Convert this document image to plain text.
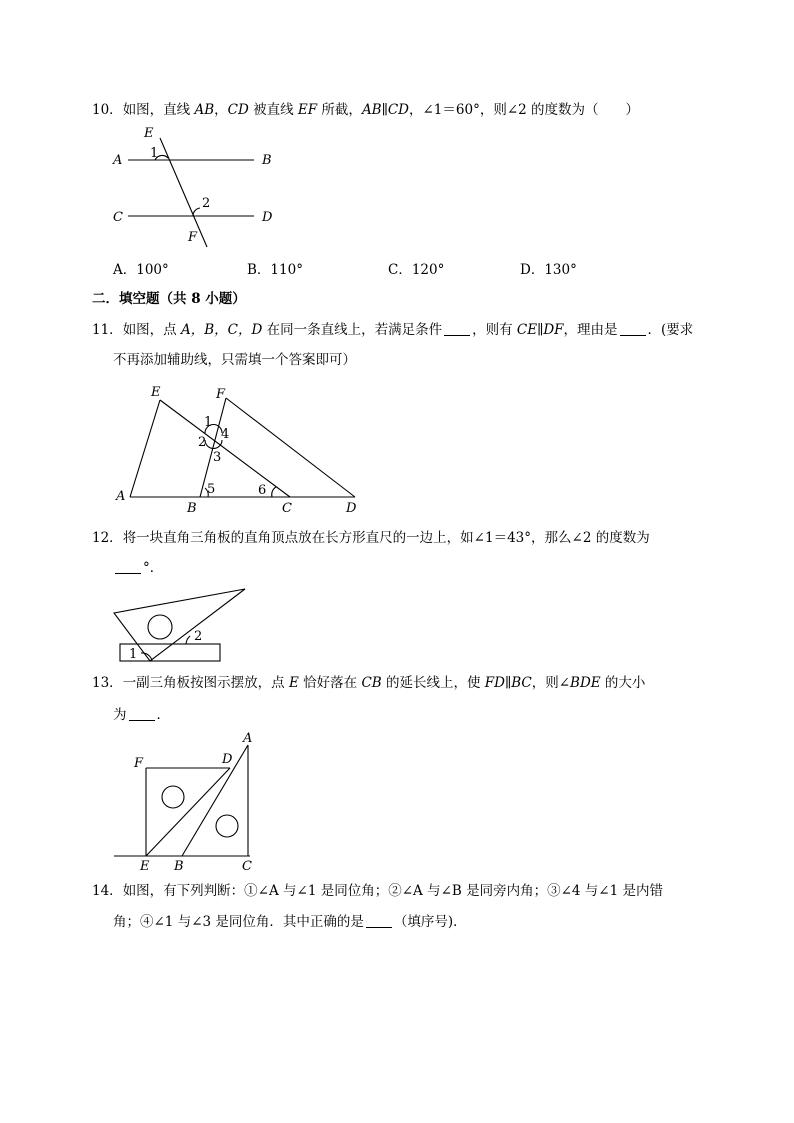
10．如图，直线 AB，CD 被直线 EF 所截，AB∥CD，∠1＝60°，则∠2 的度数为（　　）
E
A	B
C	D
F
1
2
A．100°	B．110°	C．120°	D．130°
二．填空题（共 8 小题）
11．如图，点 A，B，C，D 在同一条直线上，若满足条件 ，则有 CE∥DF，理由是 ．(要求
不再添加辅助线，只需填一个答案即可）
E	F
A
B	C	D
1
2
4
3
5	6
12．将一块直角三角板的直角顶点放在长方形直尺的一边上，如∠1＝43°，那么∠2 的度数为
°．
1
2
13．一副三角板按图示摆放，点 E 恰好落在 CB 的延长线上，使 FD∥BC，则∠BDE 的大小
为 ．
A
F	D
E B	C
14．如图，有下列判断：①∠A 与∠1 是同位角；②∠A 与∠B 是同旁内角；③∠4 与∠1 是内错
角；④∠1 与∠3 是同位角．其中正确的是 （填序号)．
